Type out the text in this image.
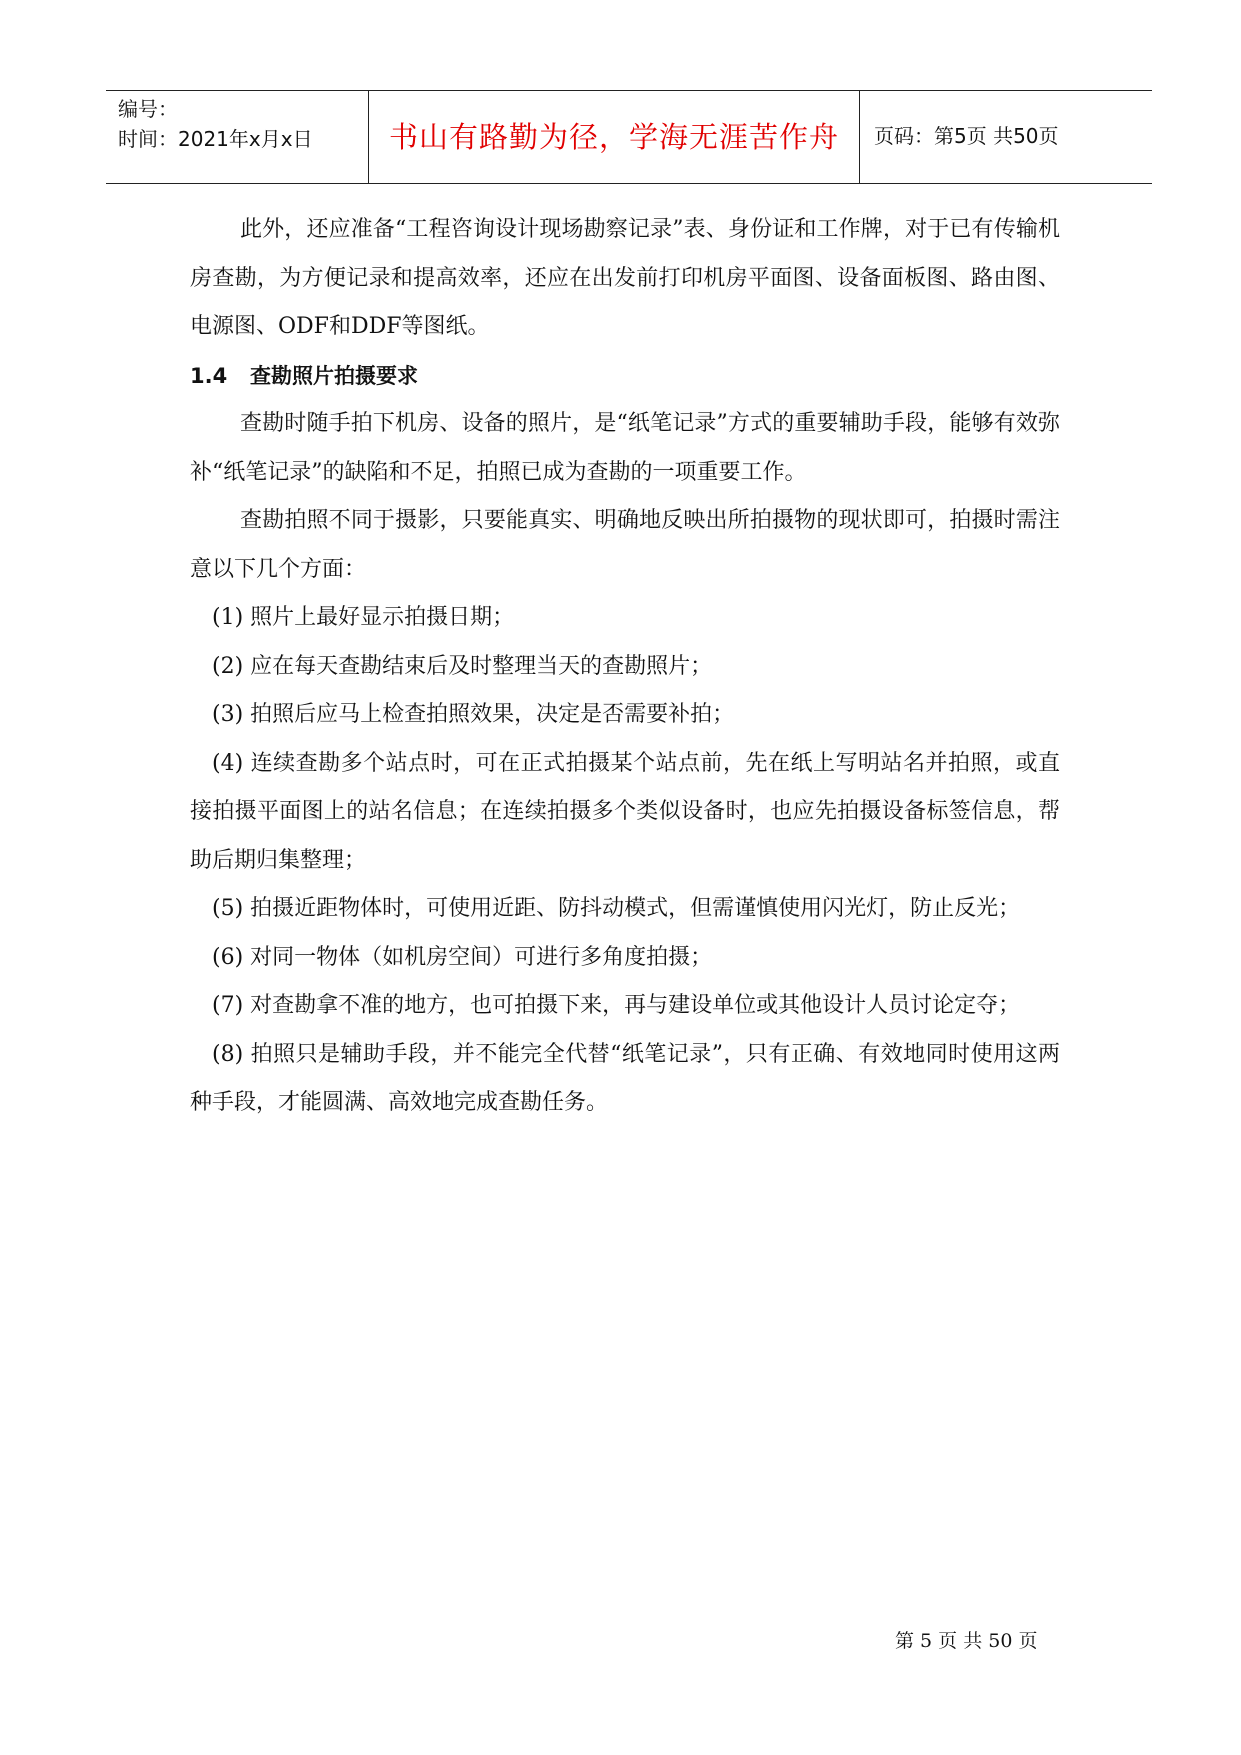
编号：
时间：2021年x月x日	书山有路勤为径，学海无涯苦作舟	页码：第5页 共50页

此外，还应准备“工程咨询设计现场勘察记录”表、身份证和工作牌，对于已有传输机房查勘，为方便记录和提高效率，还应在出发前打印机房平面图、设备面板图、路由图、电源图、ODF和DDF等图纸。

1.4 查勘照片拍摄要求

查勘时随手拍下机房、设备的照片，是“纸笔记录”方式的重要辅助手段，能够有效弥补“纸笔记录”的缺陷和不足，拍照已成为查勘的一项重要工作。

查勘拍照不同于摄影，只要能真实、明确地反映出所拍摄物的现状即可，拍摄时需注意以下几个方面：

(1) 照片上最好显示拍摄日期；

(2) 应在每天查勘结束后及时整理当天的查勘照片；

(3) 拍照后应马上检查拍照效果，决定是否需要补拍；

(4) 连续查勘多个站点时，可在正式拍摄某个站点前，先在纸上写明站名并拍照，或直接拍摄平面图上的站名信息；在连续拍摄多个类似设备时，也应先拍摄设备标签信息，帮助后期归集整理；

(5) 拍摄近距物体时，可使用近距、防抖动模式，但需谨慎使用闪光灯，防止反光；

(6) 对同一物体（如机房空间）可进行多角度拍摄；

(7) 对查勘拿不准的地方，也可拍摄下来，再与建设单位或其他设计人员讨论定夺；

(8) 拍照只是辅助手段，并不能完全代替“纸笔记录”，只有正确、有效地同时使用这两种手段，才能圆满、高效地完成查勘任务。

第 5 页 共 50 页
